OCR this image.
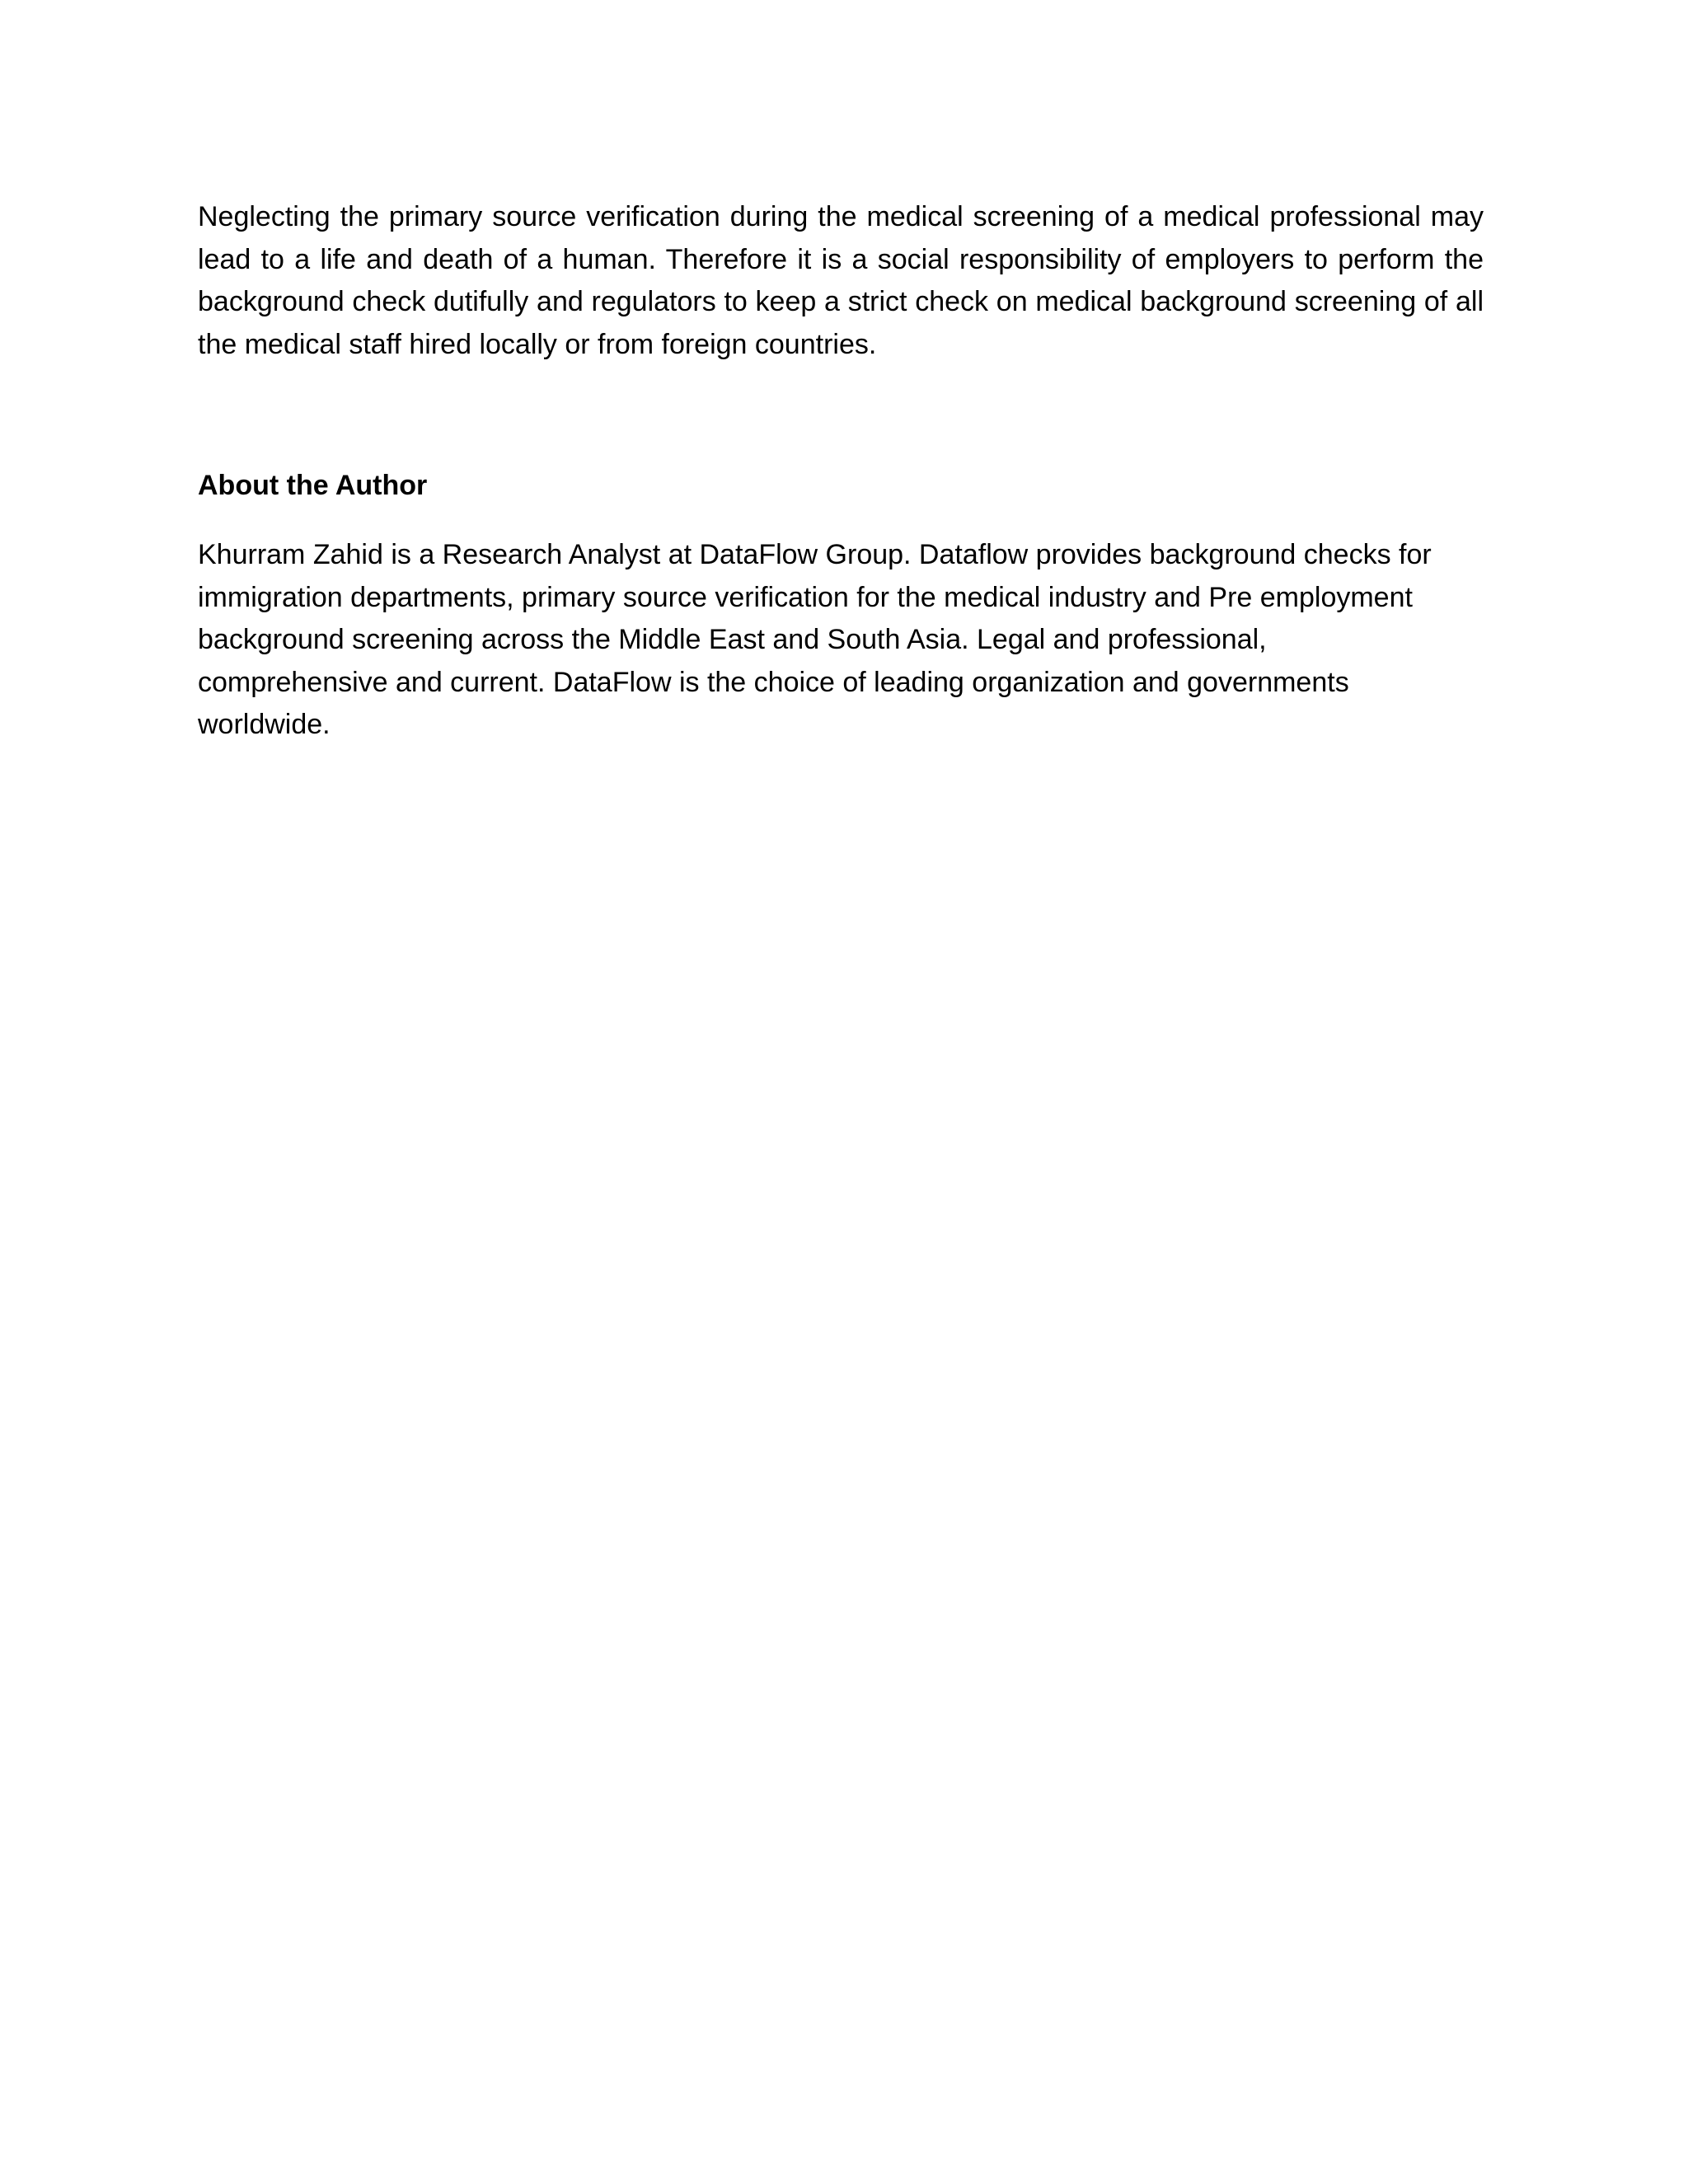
Neglecting the primary source verification during the medical screening of a medical professional may lead to a life and death of a human. Therefore it is a social responsibility of employers to perform the background check dutifully and regulators to keep a strict check on medical background screening of all the medical staff hired locally or from foreign countries.

About the Author

Khurram Zahid is a Research Analyst at DataFlow Group. Dataflow provides background checks for immigration departments, primary source verification for the medical industry and Pre employment background screening across the Middle East and South Asia. Legal and professional, comprehensive and current. DataFlow is the choice of leading organization and governments worldwide.
